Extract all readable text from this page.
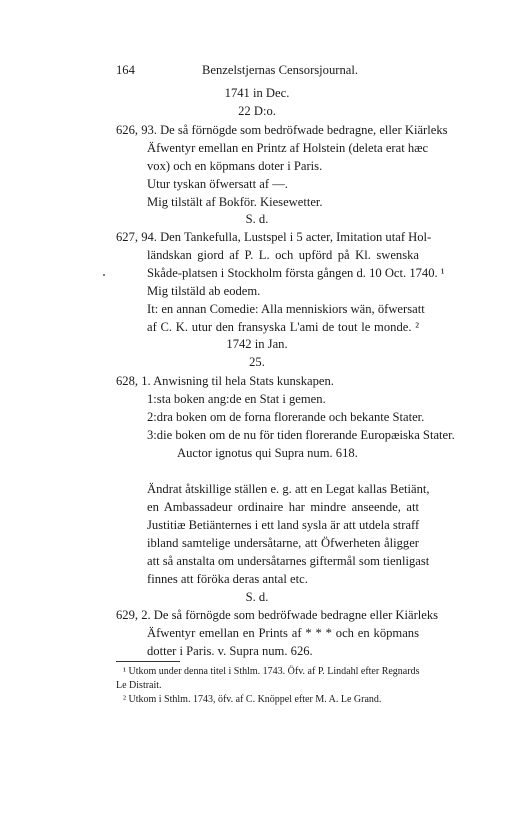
164	Benzelstjernas Censorsjournal.
1741 in Dec.
22 D:o.
626, 93. De så förnögde som bedröfwade bedragne, eller Kiärleks
Äfwentyr emellan en Printz af Holstein (deleta erat hæc
vox) och en köpmans doter i Paris.
Utur tyskan öfwersatt af —.
Mig tilstält af Bokför. Kiesewetter.
S. d.
627, 94. Den Tankefulla, Lustspel i 5 acter, Imitation utaf Hol-
ländskan giord af P. L. och upförd på Kl. swenska
Skåde-platsen i Stockholm första gången d. 10 Oct. 1740. ¹
Mig tilstäld ab eodem.
It: en annan Comedie: Alla menniskiors wän, öfwersatt
af C. K. utur den fransyska L'ami de tout le monde. ²
1742 in Jan.
25.
628, 1. Anwisning til hela Stats kunskapen.
1:sta boken ang:de en Stat i gemen.
2:dra boken om de forna florerande och bekante Stater.
3:die boken om de nu för tiden florerande Europæiska Stater.
Auctor ignotus qui Supra num. 618.
Ändrat åtskillige ställen e. g. att en Legat kallas Betiänt,
en Ambassadeur ordinaire har mindre anseende, att
Justitiæ Betiänternes i ett land sysla är att utdela straff
ibland samtelige undersåtarne, att Öfwerheten åligger
att så anstalta om undersåtarnes giftermål som tienligast
finnes att föröka deras antal etc.
S. d.
629, 2. De så förnögde som bedröfwade bedragne eller Kiärleks
Äfwentyr emellan en Prints af * * * och en köpmans
dotter i Paris. v. Supra num. 626.
¹ Utkom under denna titel i Sthlm. 1743. Öfv. af P. Lindahl efter Regnards
Le Distrait.
² Utkom i Sthlm. 1743, öfv. af C. Knöppel efter M. A. Le Grand.
